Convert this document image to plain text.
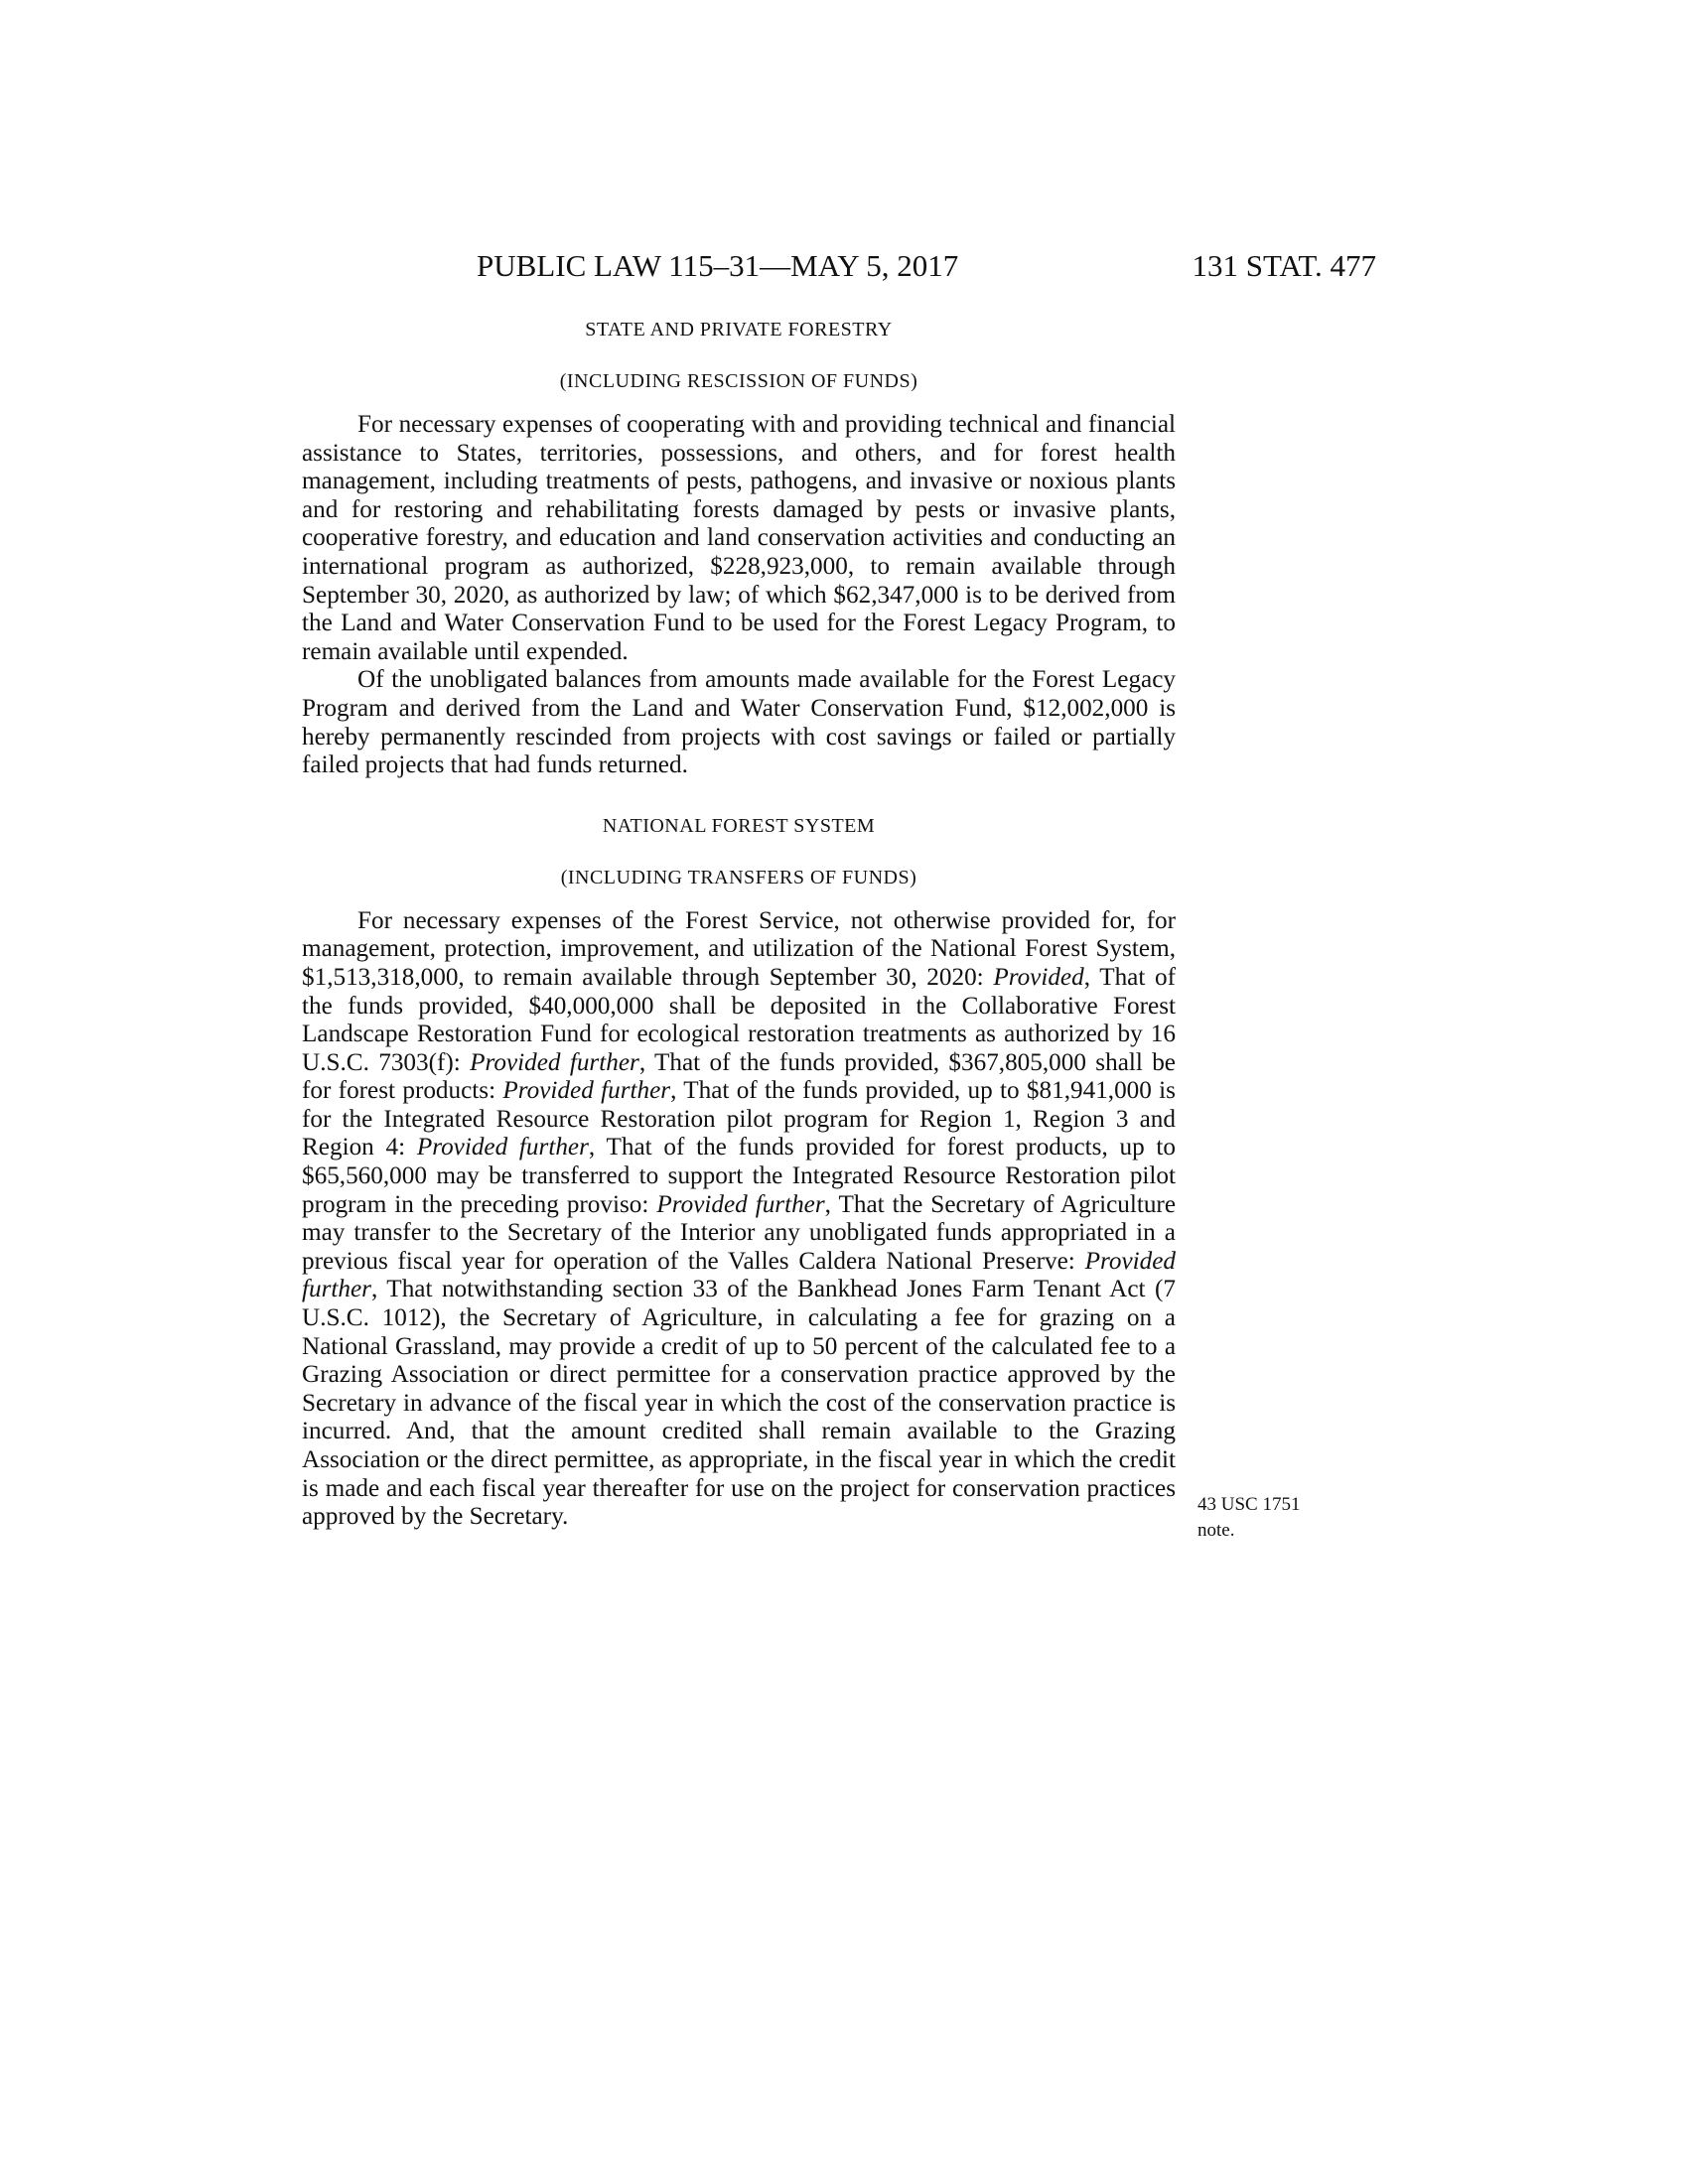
PUBLIC LAW 115–31—MAY 5, 2017	131 STAT. 477

STATE AND PRIVATE FORESTRY

(INCLUDING RESCISSION OF FUNDS)

For necessary expenses of cooperating with and providing technical and financial assistance to States, territories, possessions, and others, and for forest health management, including treatments of pests, pathogens, and invasive or noxious plants and for restoring and rehabilitating forests damaged by pests or invasive plants, cooperative forestry, and education and land conservation activities and conducting an international program as authorized, $228,923,000, to remain available through September 30, 2020, as authorized by law; of which $62,347,000 is to be derived from the Land and Water Conservation Fund to be used for the Forest Legacy Program, to remain available until expended.

Of the unobligated balances from amounts made available for the Forest Legacy Program and derived from the Land and Water Conservation Fund, $12,002,000 is hereby permanently rescinded from projects with cost savings or failed or partially failed projects that had funds returned.

NATIONAL FOREST SYSTEM

(INCLUDING TRANSFERS OF FUNDS)

For necessary expenses of the Forest Service, not otherwise provided for, for management, protection, improvement, and utilization of the National Forest System, $1,513,318,000, to remain available through September 30, 2020: Provided, That of the funds provided, $40,000,000 shall be deposited in the Collaborative Forest Landscape Restoration Fund for ecological restoration treatments as authorized by 16 U.S.C. 7303(f): Provided further, That of the funds provided, $367,805,000 shall be for forest products: Provided further, That of the funds provided, up to $81,941,000 is for the Integrated Resource Restoration pilot program for Region 1, Region 3 and Region 4: Provided further, That of the funds provided for forest products, up to $65,560,000 may be transferred to support the Integrated Resource Restoration pilot program in the preceding proviso: Provided further, That the Secretary of Agriculture may transfer to the Secretary of the Interior any unobligated funds appropriated in a previous fiscal year for operation of the Valles Caldera National Preserve: Provided further, That notwithstanding section 33 of the Bankhead Jones Farm Tenant Act (7 U.S.C. 1012), the Secretary of Agriculture, in calculating a fee for grazing on a National Grassland, may provide a credit of up to 50 percent of the calculated fee to a Grazing Association or direct permittee for a conservation practice approved by the Secretary in advance of the fiscal year in which the cost of the conservation practice is incurred. And, that the amount credited shall remain available to the Grazing Association or the direct permittee, as appropriate, in the fiscal year in which the credit is made and each fiscal year thereafter for use on the project for conservation practices approved by the Secretary.	43 USC 1751
note.
